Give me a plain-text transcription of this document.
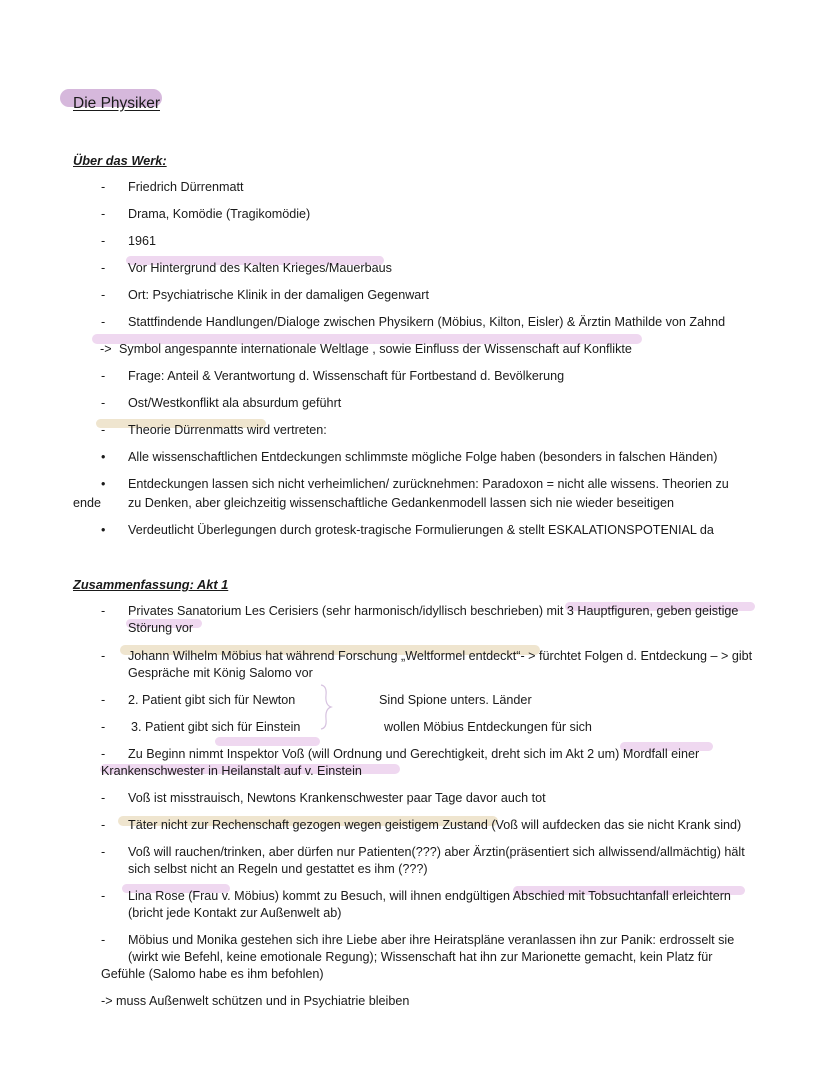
Die Physiker
Über das Werk:
- Friedrich Dürrenmatt
- Drama, Komödie (Tragikomödie)
- 1961
- Vor Hintergrund des Kalten Krieges/Mauerbaus
- Ort: Psychiatrische Klinik in der damaligen Gegenwart
- Stattfindende Handlungen/Dialoge zwischen Physikern (Möbius, Kilton, Eisler) & Ärztin Mathilde von Zahnd
-> Symbol angespannte internationale Weltlage , sowie Einfluss der Wissenschaft auf Konflikte
- Frage: Anteil & Verantwortung d. Wissenschaft für Fortbestand d. Bevölkerung
- Ost/Westkonflikt ala absurdum geführt
- Theorie Dürrenmatts wird vertreten:
• Alle wissenschaftlichen Entdeckungen schlimmste mögliche Folge haben (besonders in falschen Händen)
• Entdeckungen lassen sich nicht verheimlichen/ zurücknehmen: Paradoxon = nicht alle wissens. Theorien zu
ende zu Denken, aber gleichzeitig wissenschaftliche Gedankenmodell lassen sich nie wieder beseitigen
• Verdeutlicht Überlegungen durch grotesk-tragische Formulierungen & stellt ESKALATIONSPOTENIAL da
Zusammenfassung: Akt 1
- Privates Sanatorium Les Cerisiers (sehr harmonisch/idyllisch beschrieben) mit 3 Hauptfiguren, geben geistige
Störung vor
- Johann Wilhelm Möbius hat während Forschung „Weltformel entdeckt“- > fürchtet Folgen d. Entdeckung – > gibt
Gespräche mit König Salomo vor
- 2. Patient gibt sich für Newton	Sind Spione unters. Länder
- 3. Patient gibt sich für Einstein	wollen Möbius Entdeckungen für sich
- Zu Beginn nimmt Inspektor Voß (will Ordnung und Gerechtigkeit, dreht sich im Akt 2 um) Mordfall einer
Krankenschwester in Heilanstalt auf v. Einstein
- Voß ist misstrauisch, Newtons Krankenschwester paar Tage davor auch tot
- Täter nicht zur Rechenschaft gezogen wegen geistigem Zustand (Voß will aufdecken das sie nicht Krank sind)
- Voß will rauchen/trinken, aber dürfen nur Patienten(???) aber Ärztin(präsentiert sich allwissend/allmächtig) hält
sich selbst nicht an Regeln und gestattet es ihm (???)
- Lina Rose (Frau v. Möbius) kommt zu Besuch, will ihnen endgültigen Abschied mit Tobsuchtanfall erleichtern
(bricht jede Kontakt zur Außenwelt ab)
- Möbius und Monika gestehen sich ihre Liebe aber ihre Heiratspläne veranlassen ihn zur Panik: erdrosselt sie
(wirkt wie Befehl, keine emotionale Regung); Wissenschaft hat ihn zur Marionette gemacht, kein Platz für
Gefühle (Salomo habe es ihm befohlen)
-> muss Außenwelt schützen und in Psychiatrie bleiben
